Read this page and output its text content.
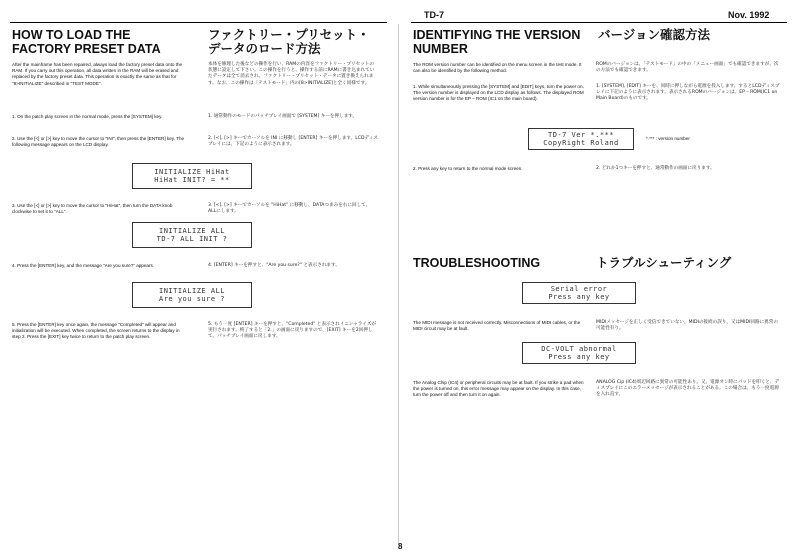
TD-7	Nov. 1992
HOW TO LOAD THE FACTORY PRESET DATA
ファクトリー・プリセット・データのロード方法
After the mainframe has been repaired, always load the factory preset data onto the RAM. If you carry out this operation, all data written in the RAM will be erased and replaced by the factory preset data. This operation is exactly the same as that for "8>INITIALIZE" described in "TEST MODE".
本体を修理した後などの操作を行い、RAMの内容をファクトリー・プリセットの状態に設定して下さい。この操作を行うと、操作する前にRAMに書き込まれていたデータは全て消去され、ファクトリー・プリセット・データに置き換えられます。なお、この操作は「テストモード」内の[8>INITIALIZE]と全く同様です。
1. On the patch play screen in the normal mode, press the [SYSTEM] key.	1. 通常動作のモードのパッチプレイ画面で [SYSTEM] キーを押します。
2. Use the [<] or [>] key to move the cursor to "INI", then press the [ENTER] key. The following message appears on the LCD display.
2. [<], [>] キーでカーソルを INI に移動し [ENTER] キーを押します。LCDディスプレイには、下記のように表示されます。
INITIALIZE HiHat
HiHat INIT? = **
3. Use the [<] or [>] key to move the cursor to "HiHat", then turn the DATA knob clockwise to set it to "ALL".
3. [<], [>] キーでカーソルを "HiHat" に移動し、DATAつまみを右に回して、ALLにします。
INITIALIZE ALL
TD-7 ALL INIT ?
4. Press the [ENTER] key, and the message "Are you sure?" appears.	4. [ENTER] キーを押すと、"Are you sure?" と表示されます。
INITIALIZE ALL
Are you sure ?
5. Press the [ENTER] key once again, the message "Completed" will appear and initialization will be executed. When completed, the screen returns to the display in step 2. Press the [EXIT] key twice to return to the patch play screen.
5. もう一度 [ENTER] キーを押すと、"Completed" と表示されイニシャライズが実行されます。終了すると「2.」の画面に戻りますので、[EXIT] キーを2回押して、パッチプレイ画面に戻します。
IDENTIFYING THE VERSION NUMBER
バージョン確認方法
The ROM version number can be identified on the menu screen in the test mode. It can also be identified by the following method.
ROMのバージョンは、「テストモード」の中の「メニュー画面」でも確認できますが、次の方法でも確認できます。
1. While simultaneously pressing the [SYSTEM] and [EDIT] keys, turn the power on. The version number is displayed on the LCD display as follows. The displayed ROM version number is for the EP – ROM (IC1 on the main board).
1. [SYSTEM], [EDIT] キーを、同時に押しながら電源を投入します。するとLCDディスプレイに下記のように表示されます。表示されるROMのバージョンは、EP – ROM(IC1 on Main Board)のものです。
TD-7 Ver *.***
CopyRight Roland
*.*** : version number
2. Press any key to return to the normal mode screen.	2. どれか1つキーを押すと、通常動作の画面に戻ります。
TROUBLESHOOTING	トラブルシューティング
Serial error
Press any key
The MIDI message is not received correctly. Misconnections of MIDI cables, or the MIDI circuit may be at fault.
MIDIメッセージを正しく受信できていない。MIDIの接続の誤り、又はMIDI回路に異常の可能性有り。
DC-VOLT abnormal
Press any key
The Analog Chip (IC4) or peripheral circuits may be at fault. If you strike a pad when the power is turned on, this error message may appear on the display. In this case, turn the power off and then turn it on again.
ANALOG Cip (IC4)周辺回路に異常の可能性あり。又、電源オン時にパッドを叩くと、ディスプレイにこのエラーメッセージが表示されることがある。この場合は、もう一度電源を入れ直す。
8
